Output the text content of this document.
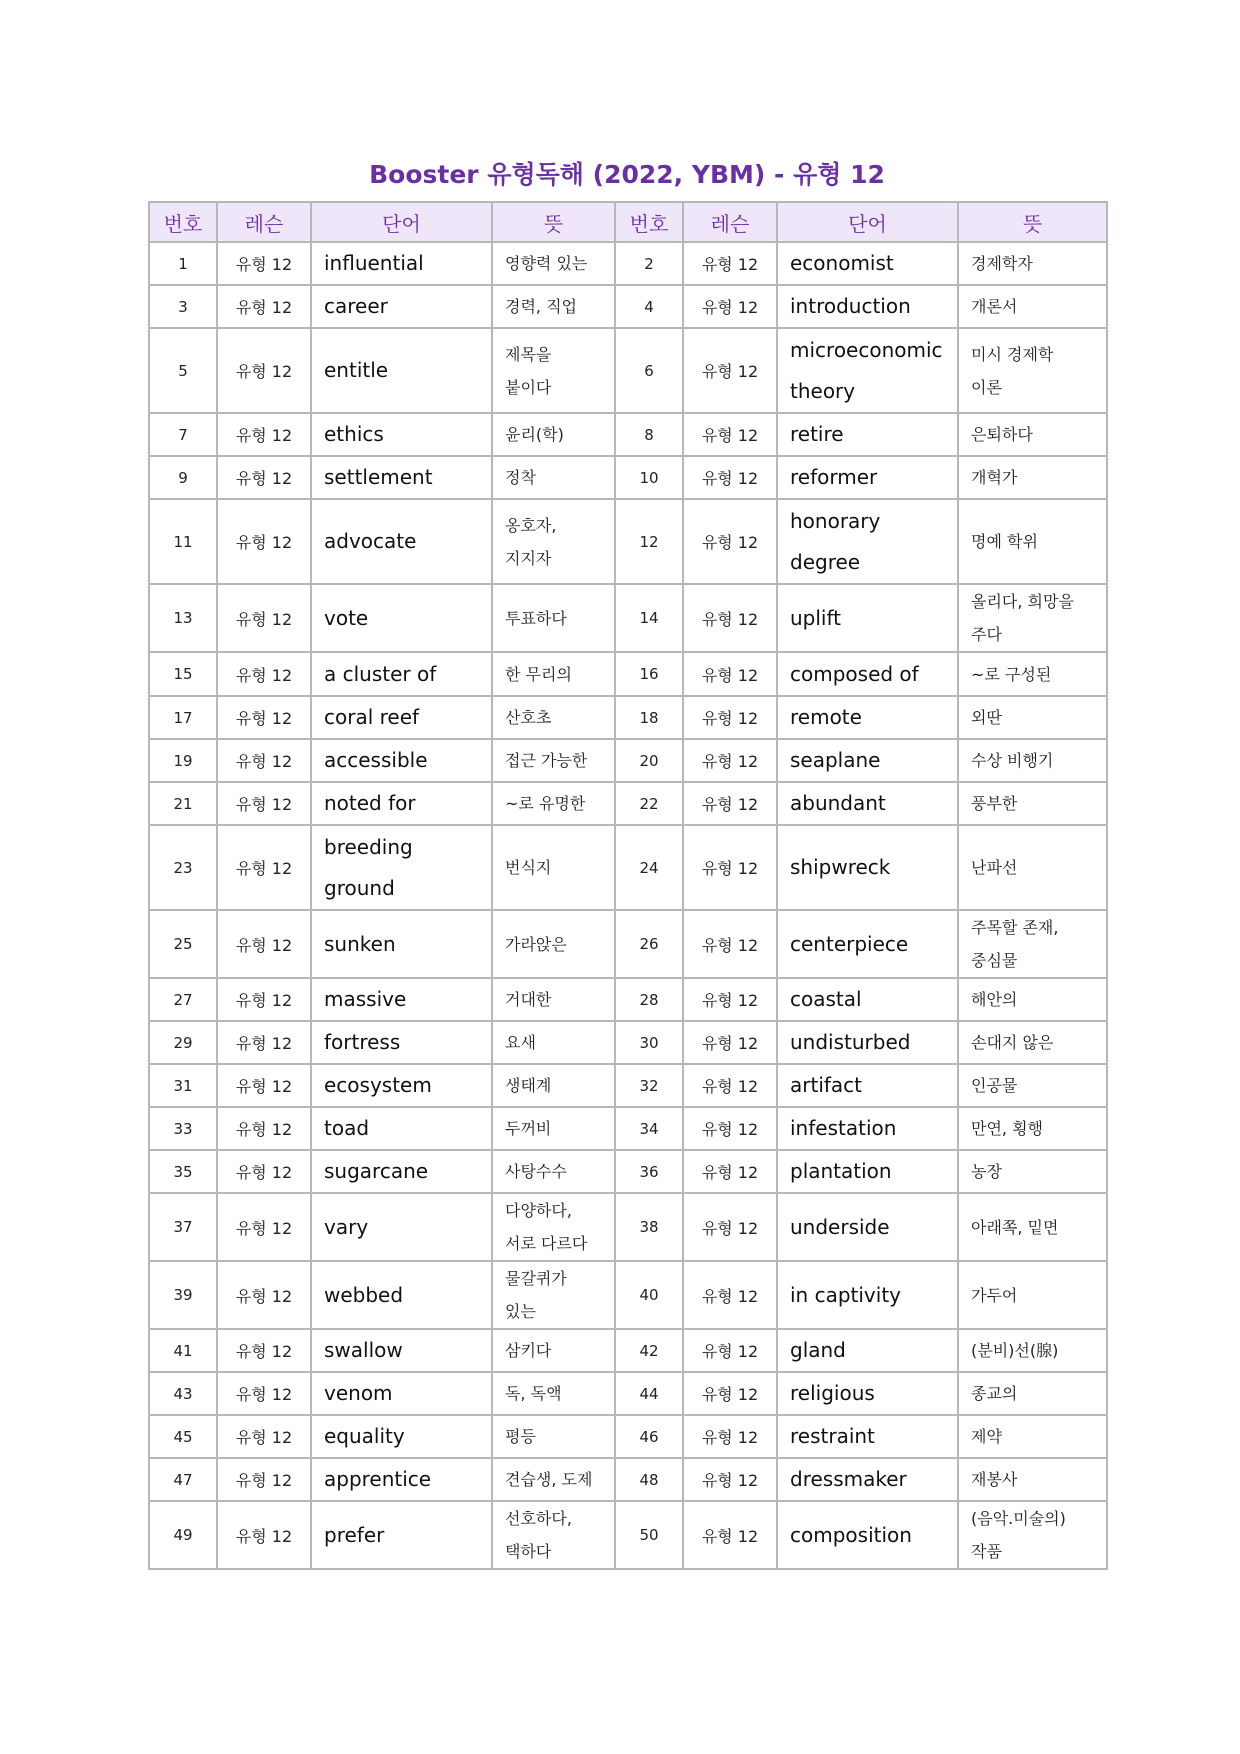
Booster 유형독해 (2022, YBM) - 유형 12
번호	레슨	단어	뜻	번호	레슨	단어	뜻
1	유형 12	influential	영향력 있는	2	유형 12	economist	경제학자

3	유형 12	career	경력, 직업	4	유형 12	introduction	개론서

5	유형 12	entitle	제목을
붙이다	6	유형 12	microeconomic
theory	미시 경제학
이론

7	유형 12	ethics	윤리(학)	8	유형 12	retire	은퇴하다

9	유형 12	settlement	정착	10	유형 12	reformer	개혁가

11	유형 12	advocate	옹호자,
지지자	12	유형 12	honorary
degree	명예 학위

13	유형 12	vote	투표하다	14	유형 12	uplift	올리다, 희망을
주다

15	유형 12	a cluster of	한 무리의	16	유형 12	composed of	~로 구성된

17	유형 12	coral reef	산호초	18	유형 12	remote	외딴

19	유형 12	accessible	접근 가능한	20	유형 12	seaplane	수상 비행기

21	유형 12	noted for	~로 유명한	22	유형 12	abundant	풍부한

23	유형 12	breeding
ground	번식지	24	유형 12	shipwreck	난파선

25	유형 12	sunken	가라앉은	26	유형 12	centerpiece	주목할 존재,
중심물

27	유형 12	massive	거대한	28	유형 12	coastal	해안의

29	유형 12	fortress	요새	30	유형 12	undisturbed	손대지 않은

31	유형 12	ecosystem	생태계	32	유형 12	artifact	인공물

33	유형 12	toad	두꺼비	34	유형 12	infestation	만연, 횡행

35	유형 12	sugarcane	사탕수수	36	유형 12	plantation	농장

37	유형 12	vary	다양하다,
서로 다르다	38	유형 12	underside	아래쪽, 밑면

39	유형 12	webbed	물갈퀴가
있는	40	유형 12	in captivity	가두어

41	유형 12	swallow	삼키다	42	유형 12	gland	(분비)선(腺)

43	유형 12	venom	독, 독액	44	유형 12	religious	종교의

45	유형 12	equality	평등	46	유형 12	restraint	제약

47	유형 12	apprentice	견습생, 도제	48	유형 12	dressmaker	재봉사

49	유형 12	prefer	선호하다,
택하다	50	유형 12	composition	(음악.미술의)
작품
